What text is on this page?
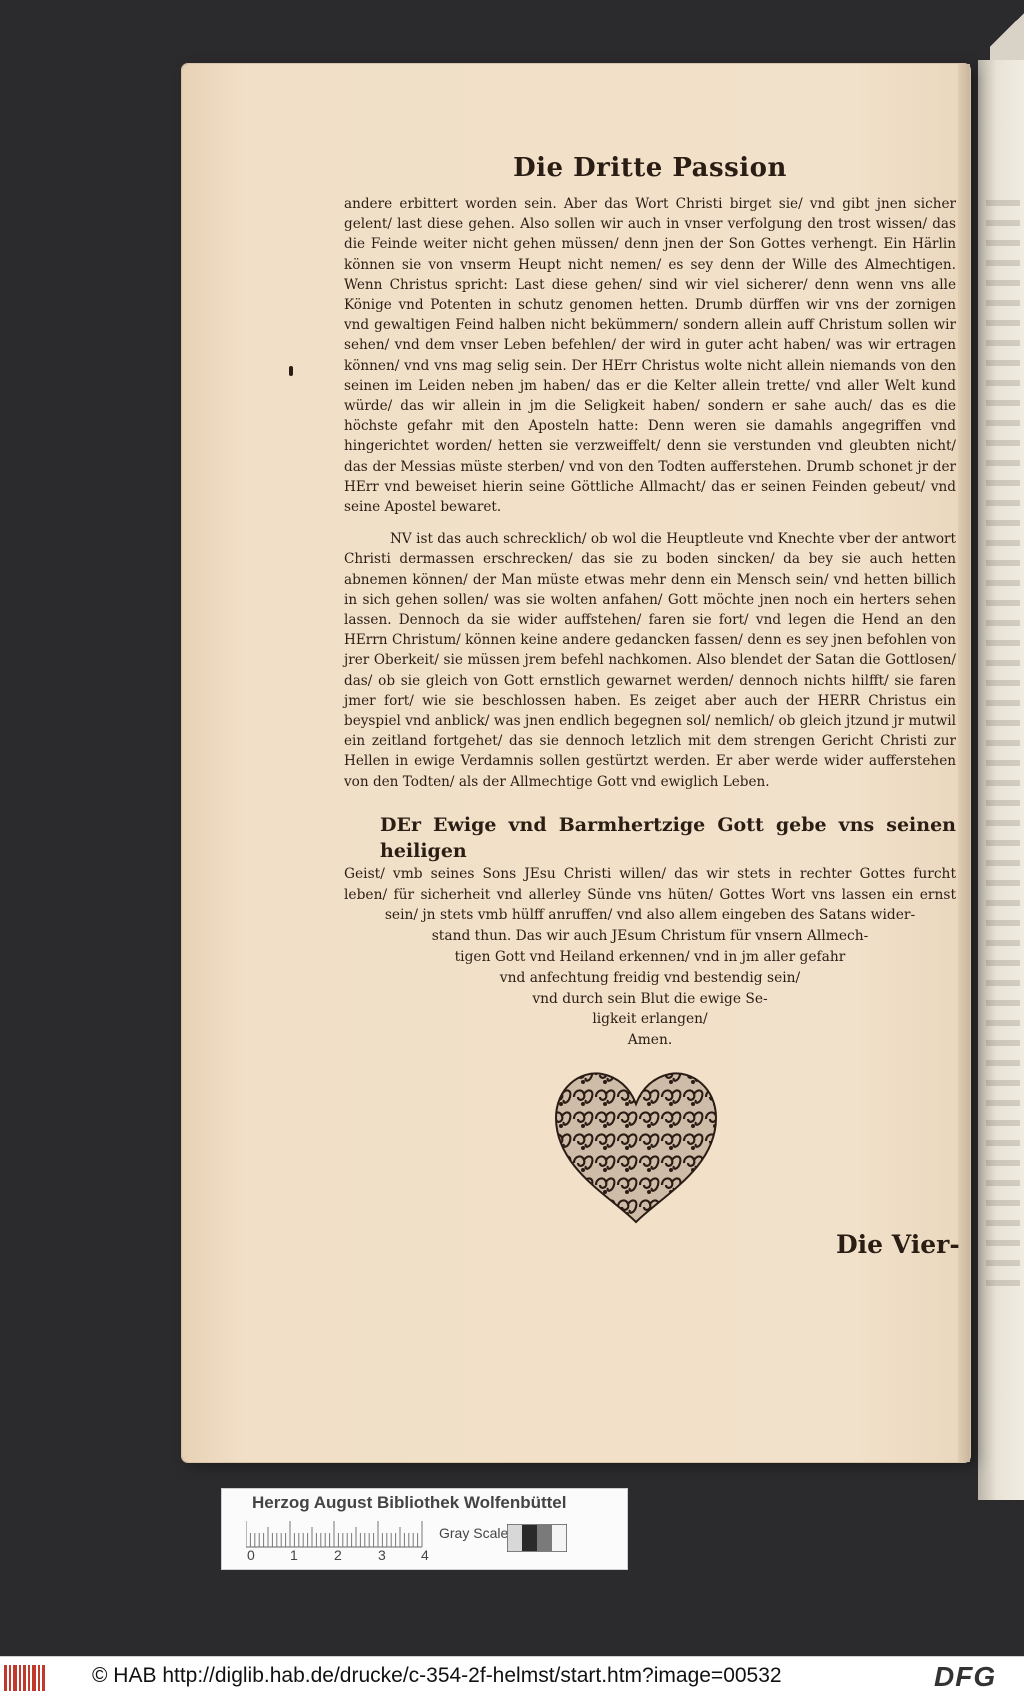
Die Dritte Passion

andere erbittert worden sein. Aber das Wort Christi birget sie/ vnd gibt jnen sicher gelent/ last diese gehen. Also sollen wir auch in vnser verfolgung den trost wissen/ das die Feinde weiter nicht gehen müssen/ denn jnen der Son Gottes verhengt. Ein Härlin können sie von vnserm Heupt nicht nemen/ es sey denn der Wille des Almechtigen. Wenn Christus spricht: Last diese gehen/ sind wir viel sicherer/ denn wenn vns alle Könige vnd Potenten in schutz genomen hetten. Drumb dürffen wir vns der zornigen vnd gewaltigen Feind halben nicht bekümmern/ sondern allein auff Christum sollen wir sehen/ vnd dem vnser Leben befehlen/ der wird in guter acht haben/ was wir ertragen können/ vnd vns mag selig sein. Der HErr Christus wolte nicht allein niemands von den seinen im Leiden neben jm haben/ das er die Kelter allein trette/ vnd aller Welt kund würde/ das wir allein in jm die Seligkeit haben/ sondern er sahe auch/ das es die höchste gefahr mit den Aposteln hatte: Denn weren sie damahls angegriffen vnd hingerichtet worden/ hetten sie verzweiffelt/ denn sie verstunden vnd gleubten nicht/ das der Messias müste sterben/ vnd von den Todten aufferstehen. Drumb schonet jr der HErr vnd beweiset hierin seine Göttliche Allmacht/ das er seinen Feinden gebeut/ vnd seine Apostel bewaret.

NV ist das auch schrecklich/ ob wol die Heuptleute vnd Knechte vber der antwort Christi dermassen erschrecken/ das sie zu boden sincken/ da bey sie auch hetten abnemen können/ der Man müste etwas mehr denn ein Mensch sein/ vnd hetten billich in sich gehen sollen/ was sie wolten anfahen/ Gott möchte jnen noch ein herters sehen lassen. Dennoch da sie wider auffstehen/ faren sie fort/ vnd legen die Hend an den HErrn Christum/ können keine andere gedancken fassen/ denn es sey jnen befohlen von jrer Oberkeit/ sie müssen jrem befehl nachkomen. Also blendet der Satan die Gottlosen/ das/ ob sie gleich von Gott ernstlich gewarnet werden/ dennoch nichts hilfft/ sie faren jmer fort/ wie sie beschlossen haben. Es zeiget aber auch der HERR Christus ein beyspiel vnd anblick/ was jnen endlich begegnen sol/ nemlich/ ob gleich jtzund jr mutwil ein zeitland fortgehet/ das sie dennoch letzlich mit dem strengen Gericht Christi zur Hellen in ewige Verdamnis sollen gestürtzt werden. Er aber werde wider aufferstehen von den Todten/ als der Allmechtige Gott vnd ewiglich Leben.

DEr Ewige vnd Barmhertzige Gott gebe vns seinen heiligen
Geist/ vmb seines Sons JEsu Christi willen/ das wir stets in rechter Gottes furcht
leben/ für sicherheit vnd allerley Sünde vns hüten/ Gottes Wort vns lassen ein ernst
sein/ jn stets vmb hülff anruffen/ vnd also allem eingeben des Satans wider-
stand thun. Das wir auch JEsum Christum für vnsern Allmech-
tigen Gott vnd Heiland erkennen/ vnd in jm aller gefahr
vnd anfechtung freidig vnd bestendig sein/
vnd durch sein Blut die ewige Se-
ligkeit erlangen/
Amen.
Die Vier-
Herzog August Bibliothek Wolfenbüttel
0	1	2	3	4
Gray Scale
© HAB http://diglib.hab.de/drucke/c-354-2f-helmst/start.htm?image=00532	DFG
